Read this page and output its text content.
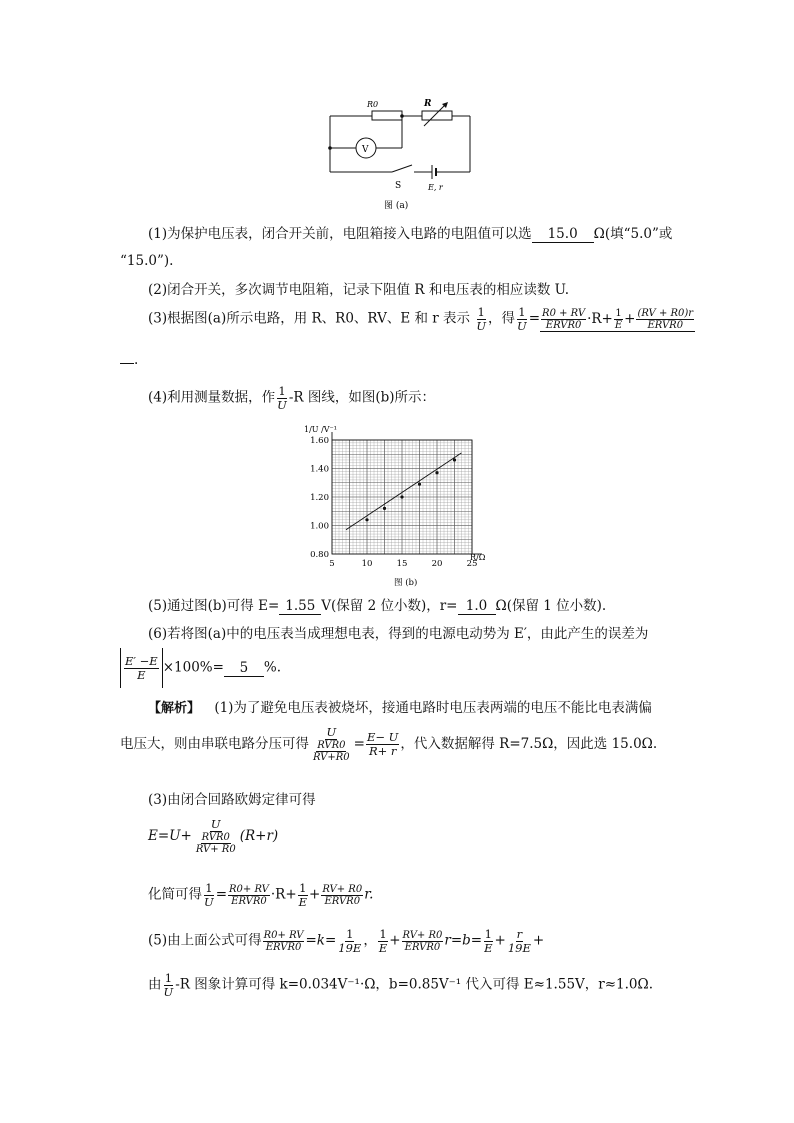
R0	R
V
S	E, r
图 (a)
(1)为保护电压表，闭合开关前，电阻箱接入电路的电阻值可以选 15.0 Ω(填“5.0”或
“15.0”).
(2)闭合开关，多次调节电阻箱，记录下阻值 R 和电压表的相应读数 U.
(3)根据图(a)所示电路，用 R、R0、RV、E 和 r 表示 $\frac{1}{U}$ ，得 $\frac{1}{U} = \frac{R0 + RV}{\text{ERVR0}} \cdot R+ \frac{1}{E} + \frac{(RV + R0)r}{\text{ERVR0}}$
.
(4)利用测量数据，作 $\frac{1}{U} -R$ 图线，如图(b)所示：
5	10	15	20	25
0.80
1.00
1.20
1.40
1.60
1/U /V⁻¹
R/Ω
图 (b)
(5)通过图(b)可得 E= 1.55 V(保留 2 位小数)，r= 1.0 Ω(保留 1 位小数).
(6)若将图(a)中的电压表当成理想电表，得到的电源电动势为 E′，由此产生的误差为
$\frac{E' -E}{E} \times 100\%= 5$ %.
【解析】 (1)为了避免电压表被烧坏，接通电路时电压表两端的电压不能比电表满偏
电压大，则由串联电路分压可得 $\frac{U}{\frac{\text{RVR0}}{RV+R0}} = \frac{E- U}{R+ r}$ ，代入数据解得 R=7.5Ω，因此选 15.0Ω.
(3)由闭合回路欧姆定律可得
$E=U+ \frac{U}{\frac{\text{RVR0}}{RV+ R0}} (R+r)$
化简可得 $\frac{1}{U} = \frac{R0+ RV}{\text{ERVR0}} \cdot R+ \frac{1}{E} + \frac{RV+ R0}{\text{ERVR0}} r$.
(5)由上面公式可得 $\frac{R0+ RV}{\text{ERVR0}} =k= \frac{1}{19E}$ ， $\frac{1}{E} + \frac{RV+ R0}{\text{ERVR0}} r=b= \frac{1}{E} + \frac{r}{19E}$ +
由 $\frac{1}{U} -R$ 图象计算可得 k=0.034V⁻¹·Ω，b=0.85V⁻¹ 代入可得 E≈1.55V，r≈1.0Ω.
